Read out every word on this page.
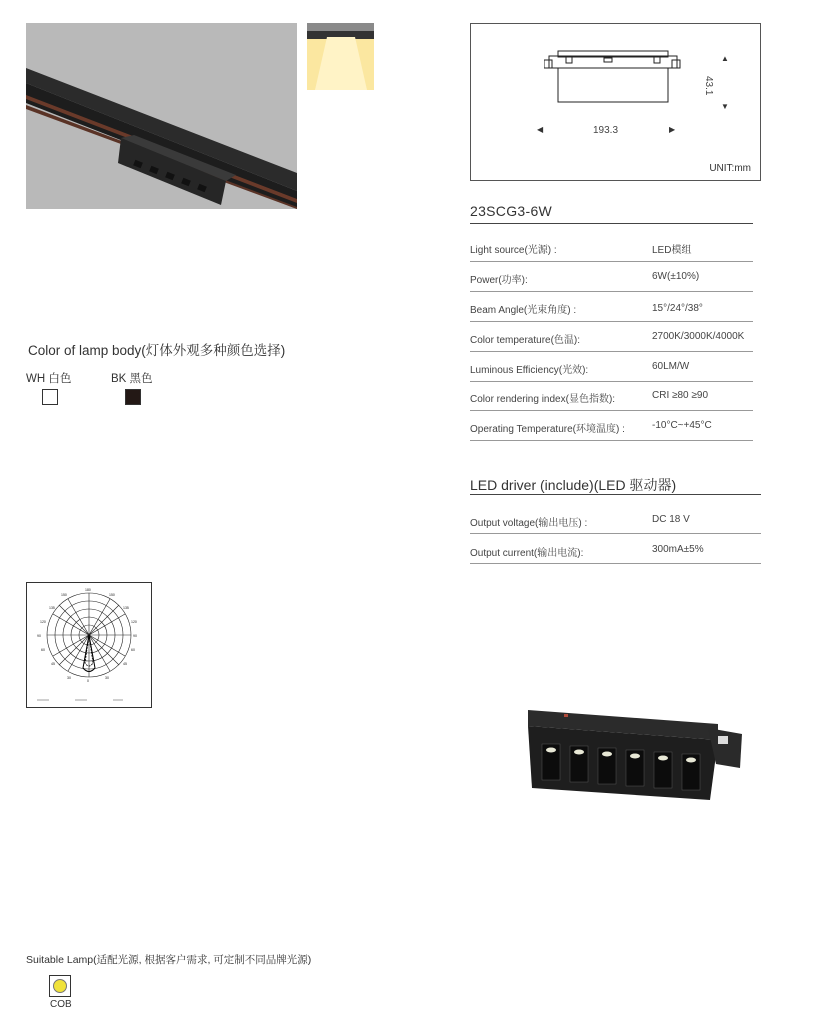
▲
▼
43.1
◀	▶
193.3
UNIT:mm
23SCG3-6W
Light source(光源) :	LED模组
Power(功率):	6W(±10%)
Beam Angle(光束角度) :	15°/24°/38°
Color temperature(色温):	2700K/3000K/4000K
Luminous Efficiency(光效):	60LM/W
Color rendering index(显色指数):	CRI ≥80 ≥90
Operating Temperature(环境温度) :	-10°C~+45°C
LED driver (include)(LED 驱动器)
Output voltage(输出电压) :	DC 18 V
Output current(输出电流):	300mA±5%
Color of lamp body(灯体外观多种颜色选择)
WH 白色	BK 黑色
150
180
150
135	135
120	120
90	90
60	60
45	45
30	30
0
Suitable Lamp(适配光源, 根据客户需求, 可定制不同品牌光源)
COB
